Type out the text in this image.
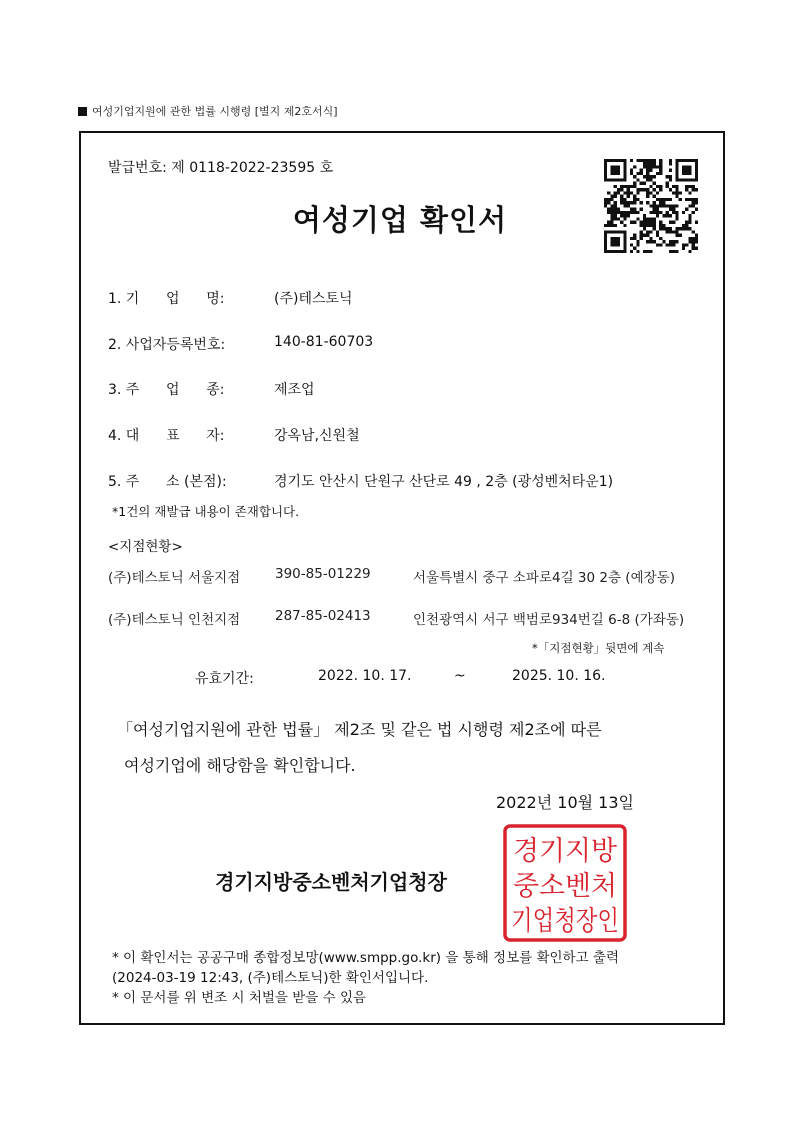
여성기업지원에 관한 법률 시행령 [별지 제2호서식]
발급번호: 제 0118-2022-23595 호
여성기업 확인서
1. 기      업      명:	(주)테스토닉
2. 사업자등록번호:	140-81-60703
3. 주      업      종:	제조업
4. 대      표      자:	강옥남,신원철
5. 주      소 (본점):	경기도 안산시 단원구 산단로 49 , 2층 (광성벤처타운1)
*1건의 재발급 내용이 존재합니다.
<지점현황>
(주)테스토닉 서울지점	390-85-01229	서울특별시 중구 소파로4길 30 2층 (예장동)
(주)테스토닉 인천지점	287-85-02413	인천광역시 서구 백범로934번길 6-8 (가좌동)
*「지점현황」뒷면에 계속
유효기간:	2022. 10. 17.	~	2025. 10. 16.
「여성기업지원에 관한 법률」 제2조 및 같은 법 시행령 제2조에 따른
여성기업에 해당함을 확인합니다.
2022년 10월 13일
경기지방중소벤처기업청장
경기지방
중소벤처
기업청장인
* 이 확인서는 공공구매 종합정보망(www.smpp.go.kr) 을 통해 정보를 확인하고 출력
(2024-03-19 12:43, (주)테스토닉)한 확인서입니다.
* 이 문서를 위 변조 시 처벌을 받을 수 있음
